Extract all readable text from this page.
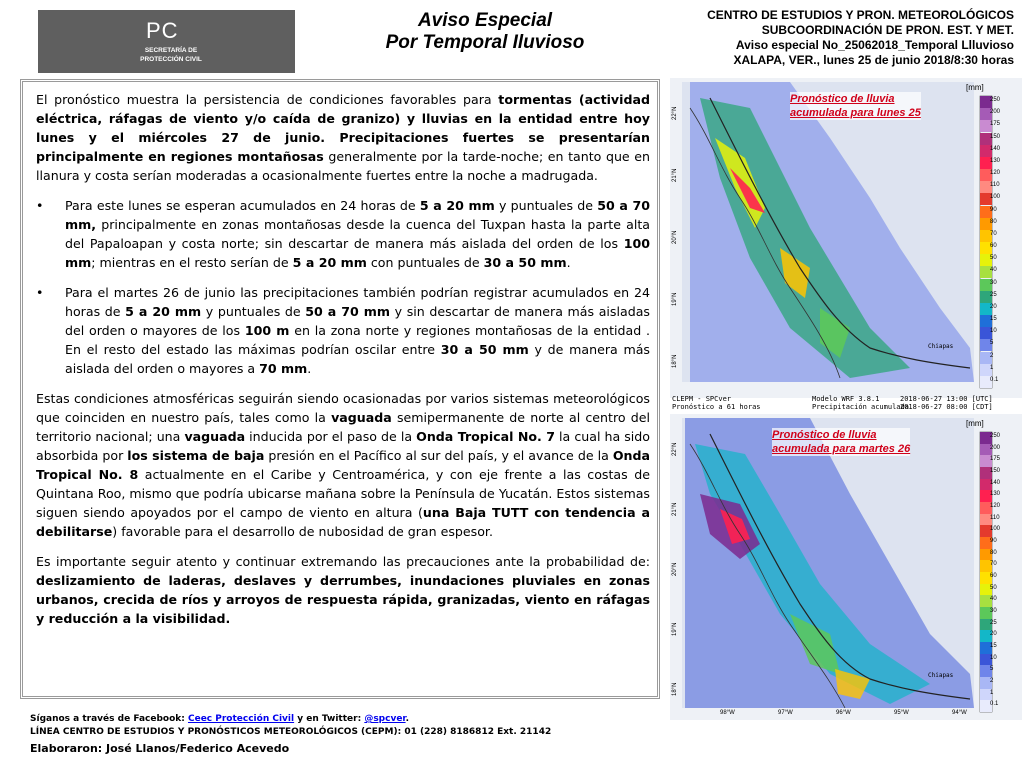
PC
SECRETARÍA DE
PROTECCIÓN CIVIL
Aviso Especial
Por Temporal Iluvioso
CENTRO DE ESTUDIOS Y PRON. METEOROLÓGICOS
SUBCOORDINACIÓN DE PRON. EST. Y MET.
Aviso especial No_25062018_Temporal Llluvioso
XALAPA, VER., lunes 25 de junio 2018/8:30 horas

El pronóstico muestra la persistencia de condiciones favorables para tormentas (actividad eléctrica, ráfagas de viento y/o caída de granizo) y lluvias en la entidad entre hoy lunes y el miércoles 27 de junio. Precipitaciones fuertes se presentarían principalmente en regiones montañosas generalmente por la tarde-noche; en tanto que en llanura y costa serían moderadas a ocasionalmente fuertes entre la noche a madrugada.

• Para este lunes se esperan acumulados en 24 horas de 5 a 20 mm y puntuales de 50 a 70 mm, principalmente en zonas montañosas desde la cuenca del Tuxpan hasta la parte alta del Papaloapan y costa norte; sin descartar de manera más aislada del orden de los 100 mm; mientras en el resto serían de 5 a 20 mm con puntuales de 30 a 50 mm.
• Para el martes 26 de junio las precipitaciones también podrían registrar acumulados en 24 horas de 5 a 20 mm y puntuales de 50 a 70 mm y sin descartar de manera más aisladas del orden o mayores de los 100 m en la zona norte y regiones montañosas de la entidad . En el resto del estado las máximas podrían oscilar entre 30 a 50 mm y de manera más aislada del orden o mayores a 70 mm.

Estas condiciones atmosféricas seguirán siendo ocasionadas por varios sistemas meteorológicos que coinciden en nuestro país, tales como la vaguada semipermanente de norte al centro del territorio nacional; una vaguada inducida por el paso de la Onda Tropical No. 7 la cual ha sido absorbida por los sistema de baja presión en el Pacífico al sur del país, y el avance de la Onda Tropical No. 8 actualmente en el Caribe y Centroamérica, y con eje frente a las costas de Quintana Roo, mismo que podría ubicarse mañana sobre la Península de Yucatán. Estos sistemas siguen siendo apoyados por el campo de viento en altura (una Baja TUTT con tendencia a debilitarse) favorable para el desarrollo de nubosidad de gran espesor.

Es importante seguir atento y continuar extremando las precauciones ante la probabilidad de: deslizamiento de laderas, deslaves y derrumbes, inundaciones pluviales en zonas urbanos, crecida de ríos y arroyos de respuesta rápida, granizadas, viento en ráfagas y reducción a la visibilidad.

250
200
175
150
140
130
120
110
100
90
80
70
60
50
40
30
25
20
15
10
5
2
1
0.1
[mm]
Pronóstico de lluvia
acumulada para lunes 25
Chiapas
22°N
21°N
20°N
19°N
18°N
CLEPM - SPCver
Pronóstico a 61 horas
Modelo WRF 3.8.1
Precipitación acumulada
2018-06-27 13:00 [UTC]
2018-06-27 08:00 [CDT]
250
200
175
150
140
130
120
110
100
90
80
70
60
50
40
30
25
20
15
10
5
2
1
0.1
[mm]
Pronóstico de lluvia
acumulada para martes 26
Chiapas
22°N
21°N
20°N
19°N
18°N
98°W	97°W	96°W	95°W	94°W
Síganos a través de Facebook: Ceec Protección Civil y en Twitter: @spcver.
LÍNEA CENTRO DE ESTUDIOS Y PRONÓSTICOS METEOROLÓGICOS (CEPM): 01 (228) 8186812 Ext. 21142
Elaboraron: José Llanos/Federico Acevedo
